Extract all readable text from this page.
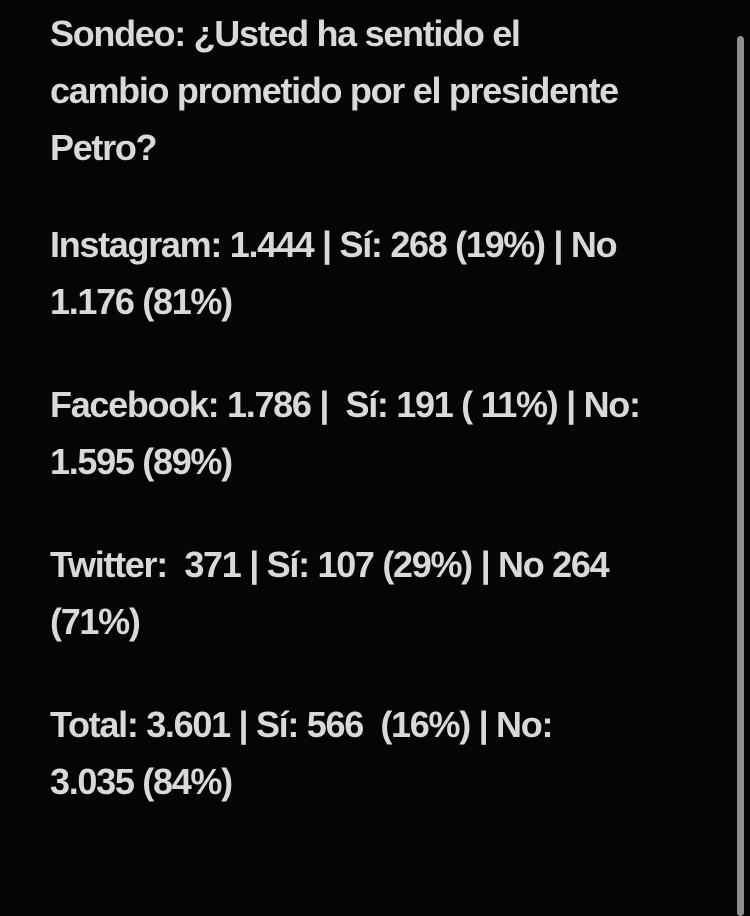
Sondeo: ¿Usted ha sentido el
cambio prometido por el presidente
Petro?

Instagram: 1.444 | Sí: 268 (19%) | No
1.176 (81%)

Facebook: 1.786 |  Sí: 191 ( 11%) | No:
1.595 (89%)

Twitter:  371 | Sí: 107 (29%) | No 264
(71%)

Total: 3.601 | Sí: 566  (16%) | No:
3.035 (84%)
